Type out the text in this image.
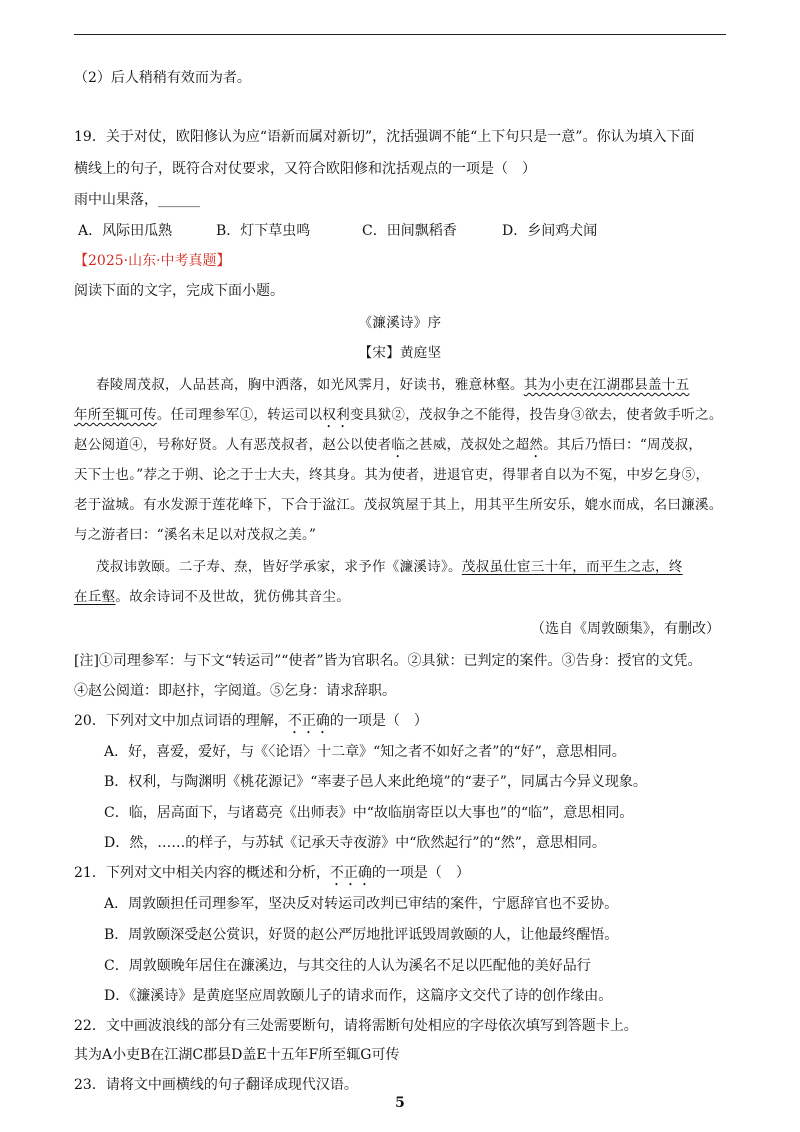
（2）后人稍稍有效而为者。
19．关于对仗，欧阳修认为应“语新而属对新切”，沈括强调不能“上下句只是一意”。你认为填入下面
横线上的句子，既符合对仗要求，又符合欧阳修和沈括观点的一项是（　）
雨中山果落，______
A．风际田瓜熟	B．灯下草虫鸣	C．田间飘稻香	D．乡间鸡犬闻
【2025·山东·中考真题】
阅读下面的文字，完成下面小题。
《濂溪诗》序
【宋】黄庭坚
春陵周茂叔，人品甚高，胸中洒落，如光风霁月，好读书，雅意林壑。其为小吏在江湖郡县盖十五
年所至辄可传。任司理参军①，转运司以权利变具狱②，茂叔争之不能得，投告身③欲去，使者敛手听之。
赵公阅道④，号称好贤。人有恶茂叔者，赵公以使者临之甚威，茂叔处之超然。其后乃悟曰：“周茂叔，
天下士也。”荐之于朔、论之于士大夫，终其身。其为使者，进退官吏，得罪者自以为不冤，中岁乞身⑤，
老于湓城。有水发源于莲花峰下，下合于湓江。茂叔筑屋于其上，用其平生所安乐，媲水而成，名曰濂溪。
与之游者曰：“溪名未足以对茂叔之美。”
茂叔讳敦颐。二子寿、焘，皆好学承家，求予作《濂溪诗》。茂叔虽仕宦三十年，而平生之志，终
在丘壑。故余诗词不及世故，犹仿佛其音尘。
（选自《周敦颐集》，有删改）
[注]①司理参军：与下文“转运司”“使者”皆为官职名。②具狱：已判定的案件。③告身：授官的文凭。
④赵公阅道：即赵抃，字阅道。⑤乞身：请求辞职。
20．下列对文中加点词语的理解，不正确的一项是（　）
A．好，喜爱，爱好，与《〈论语〉十二章》“知之者不如好之者”的“好”，意思相同。
B．权利，与陶渊明《桃花源记》“率妻子邑人来此绝境”的“妻子”，同属古今异义现象。
C．临，居高面下，与诸葛亮《出师表》中“故临崩寄臣以大事也”的“临”，意思相同。
D．然，……的样子，与苏轼《记承天寺夜游》中“欣然起行”的“然”，意思相同。
21．下列对文中相关内容的概述和分析，不正确的一项是（　）
A．周敦颐担任司理参军，坚决反对转运司改判已审结的案件，宁愿辞官也不妥协。
B．周敦颐深受赵公赏识，好贤的赵公严厉地批评诋毁周敦颐的人，让他最终醒悟。
C．周敦颐晚年居住在濂溪边，与其交往的人认为溪名不足以匹配他的美好品行
D．《濂溪诗》是黄庭坚应周敦颐儿子的请求而作，这篇序文交代了诗的创作缘由。
22．文中画波浪线的部分有三处需要断句，请将需断句处相应的字母依次填写到答题卡上。
其为A小吏B在江湖C郡县D盖E十五年F所至辄G可传
23．请将文中画横线的句子翻译成现代汉语。
5
